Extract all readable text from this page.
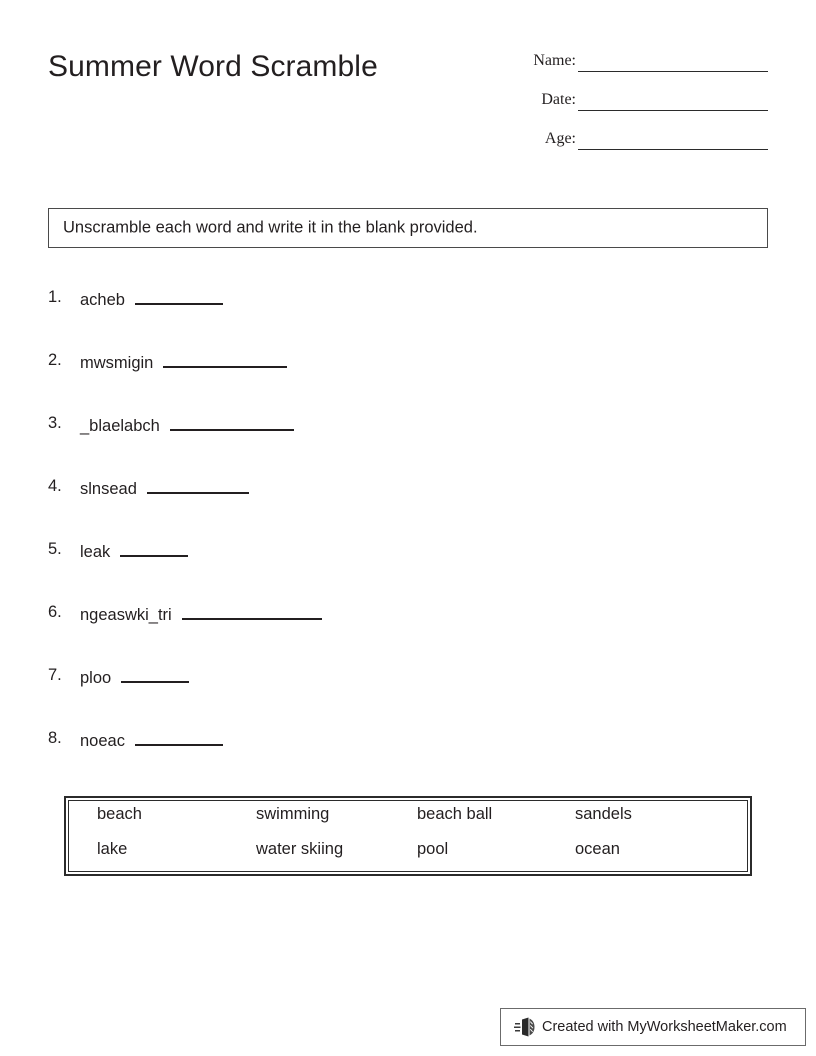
Summer Word Scramble	Name:
Date:
Age:
Unscramble each word and write it in the blank provided.
1. acheb
2. mwsmigin
3. _blaelabch
4. slnsead
5. leak
6. ngeaswki_tri
7. ploo
8. noeac
beach	swimming	beach ball	sandels
lake	water skiing	pool	ocean
Created with MyWorksheetMaker.com
